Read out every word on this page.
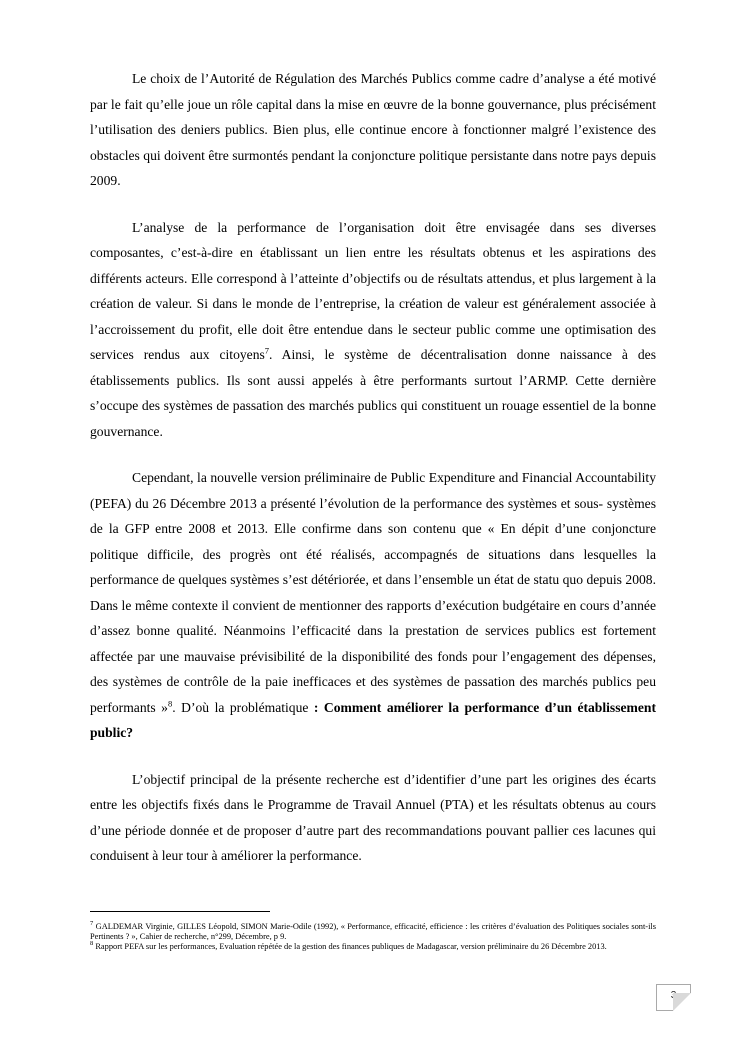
Le choix de l’Autorité de Régulation des Marchés Publics comme cadre d’analyse a été motivé par le fait qu’elle joue un rôle capital dans la mise en œuvre de la bonne gouvernance, plus précisément l’utilisation des deniers publics. Bien plus, elle continue encore à fonctionner malgré l’existence des obstacles qui doivent être surmontés pendant la conjoncture politique persistante dans notre pays depuis 2009.

L’analyse de la performance de l’organisation doit être envisagée dans ses diverses composantes, c’est-à-dire en établissant un lien entre les résultats obtenus et les aspirations des différents acteurs. Elle correspond à l’atteinte d’objectifs ou de résultats attendus, et plus largement à la création de valeur. Si dans le monde de l’entreprise, la création de valeur est généralement associée à l’accroissement du profit, elle doit être entendue dans le secteur public comme une optimisation des services rendus aux citoyens$^7$. Ainsi, le système de décentralisation donne naissance à des établissements publics. Ils sont aussi appelés à être performants surtout l’ARMP. Cette dernière s’occupe des systèmes de passation des marchés publics qui constituent un rouage essentiel de la bonne gouvernance.

Cependant, la nouvelle version préliminaire de Public Expenditure and Financial Accountability (PEFA) du 26 Décembre 2013 a présenté l’évolution de la performance des systèmes et sous- systèmes de la GFP entre 2008 et 2013. Elle confirme dans son contenu que « En dépit d’une conjoncture politique difficile, des progrès ont été réalisés, accompagnés de situations dans lesquelles la performance de quelques systèmes s’est détériorée, et dans l’ensemble un état de statu quo depuis 2008. Dans le même contexte il convient de mentionner des rapports d’exécution budgétaire en cours d’année d’assez bonne qualité. Néanmoins l’efficacité dans la prestation de services publics est fortement affectée par une mauvaise prévisibilité de la disponibilité des fonds pour l’engagement des dépenses, des systèmes de contrôle de la paie inefficaces et des systèmes de passation des marchés publics peu performants »$^8$. D’où la problématique : Comment améliorer la performance d’un établissement public?

L’objectif principal de la présente recherche est d’identifier d’une part les origines des écarts entre les objectifs fixés dans le Programme de Travail Annuel (PTA) et les résultats obtenus au cours d’une période donnée et de proposer d’autre part des recommandations pouvant pallier ces lacunes qui conduisent à leur tour à améliorer la performance.

$^7$ GALDEMAR Virginie, GILLES Léopold, SIMON Marie-Odile (1992), « Performance, efficacité, efficience : les critères d’évaluation des Politiques sociales sont-ils Pertinents ? », Cahier de recherche, n°299, Décembre, p 9.

$^8$ Rapport PEFA sur les performances, Evaluation répétée de la gestion des finances publiques de Madagascar, version préliminaire du 26 Décembre 2013.

3
